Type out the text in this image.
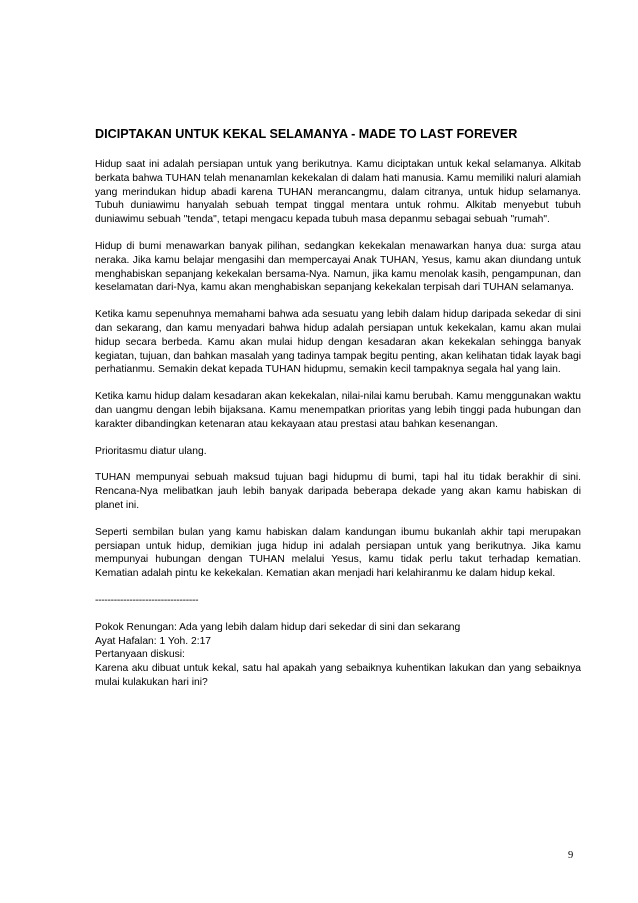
DICIPTAKAN UNTUK KEKAL SELAMANYA - MADE TO LAST FOREVER

Hidup saat ini adalah persiapan untuk yang berikutnya. Kamu diciptakan untuk kekal selamanya. Alkitab berkata bahwa TUHAN telah menanamlan kekekalan di dalam hati manusia. Kamu memiliki naluri alamiah yang merindukan hidup abadi karena TUHAN merancangmu, dalam citranya, untuk hidup selamanya. Tubuh duniawimu hanyalah sebuah tempat tinggal mentara untuk rohmu. Alkitab menyebut tubuh duniawimu sebuah "tenda", tetapi mengacu kepada tubuh masa depanmu sebagai sebuah "rumah".

Hidup di bumi menawarkan banyak pilihan, sedangkan kekekalan menawarkan hanya dua: surga atau neraka. Jika kamu belajar mengasihi dan mempercayai Anak TUHAN, Yesus, kamu akan diundang untuk menghabiskan sepanjang kekekalan bersama-Nya. Namun, jika kamu menolak kasih, pengampunan, dan keselamatan dari-Nya, kamu akan menghabiskan sepanjang kekekalan terpisah dari TUHAN selamanya.

Ketika kamu sepenuhnya memahami bahwa ada sesuatu yang lebih dalam hidup daripada sekedar di sini dan sekarang, dan kamu menyadari bahwa hidup adalah persiapan untuk kekekalan, kamu akan mulai hidup secara berbeda. Kamu akan mulai hidup dengan kesadaran akan kekekalan sehingga banyak kegiatan, tujuan, dan bahkan masalah yang tadinya tampak begitu penting, akan kelihatan tidak layak bagi perhatianmu. Semakin dekat kepada TUHAN hidupmu, semakin kecil tampaknya segala hal yang lain.

Ketika kamu hidup dalam kesadaran akan kekekalan, nilai-nilai kamu berubah. Kamu menggunakan waktu dan uangmu dengan lebih bijaksana. Kamu menempatkan prioritas yang lebih tinggi pada hubungan dan karakter dibandingkan ketenaran atau kekayaan atau prestasi atau bahkan kesenangan.

Prioritasmu diatur ulang.

TUHAN mempunyai sebuah maksud tujuan bagi hidupmu di bumi, tapi hal itu tidak berakhir di sini. Rencana-Nya melibatkan jauh lebih banyak daripada beberapa dekade yang akan kamu habiskan di planet ini.

Seperti sembilan bulan yang kamu habiskan dalam kandungan ibumu bukanlah akhir tapi merupakan persiapan untuk hidup, demikian juga hidup ini adalah persiapan untuk yang berikutnya. Jika kamu mempunyai hubungan dengan TUHAN melalui Yesus, kamu tidak perlu takut terhadap kematian. Kematian adalah pintu ke kekekalan. Kematian akan menjadi hari kelahiranmu ke dalam hidup kekal.

---------------------------------
Pokok Renungan: Ada yang lebih dalam hidup dari sekedar di sini dan sekarang
Ayat Hafalan: 1 Yoh. 2:17
Pertanyaan diskusi:
Karena aku dibuat untuk kekal, satu hal apakah yang sebaiknya kuhentikan lakukan dan yang sebaiknya mulai kulakukan hari ini?
9
